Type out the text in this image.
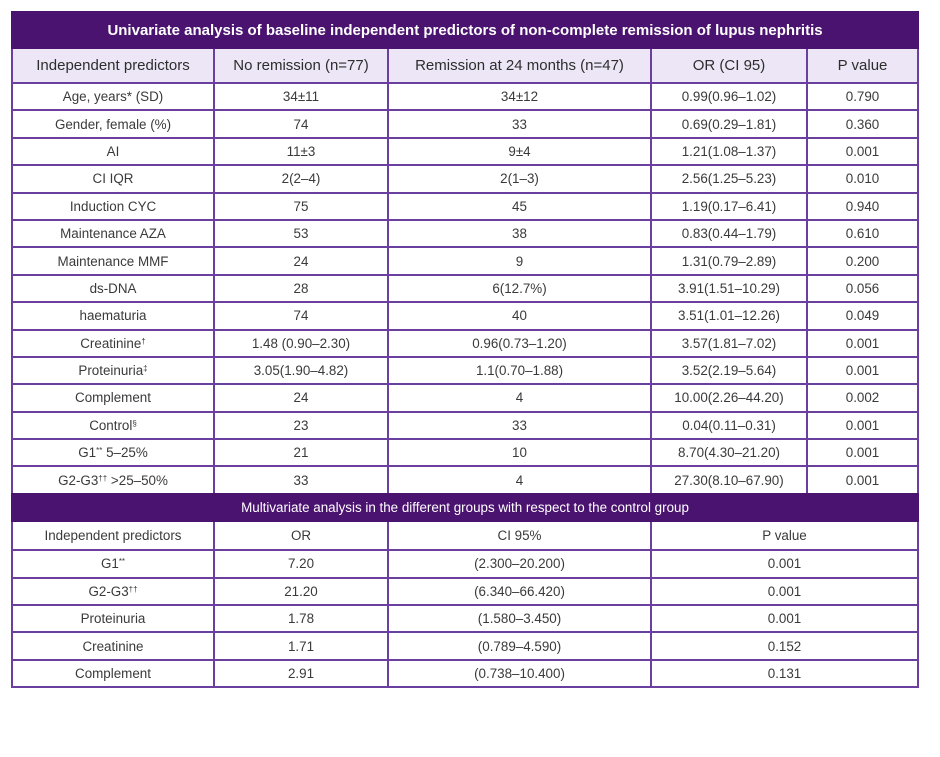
Univariate analysis of baseline independent predictors of non-complete remission of lupus nephritis				
Independent predictors	No remission (n=77)	Remission at 24 months (n=47)	OR (CI 95)	P value
Age, years* (SD)	34±11	34±12	0.99(0.96–1.02)	0.790
Gender, female (%)	74	33	0.69(0.29–1.81)	0.360
AI	11±3	9±4	1.21(1.08–1.37)	0.001
CI IQR	2(2–4)	2(1–3)	2.56(1.25–5.23)	0.010
Induction CYC	75	45	1.19(0.17–6.41)	0.940
Maintenance AZA	53	38	0.83(0.44–1.79)	0.610
Maintenance MMF	24	9	1.31(0.79–2.89)	0.200
ds-DNA	28	6(12.7%)	3.91(1.51–10.29)	0.056
haematuria	74	40	3.51(1.01–12.26)	0.049
Creatinine†	1.48 (0.90–2.30)	0.96(0.73–1.20)	3.57(1.81–7.02)	0.001
Proteinuria‡	3.05(1.90–4.82)	1.1(0.70–1.88)	3.52(2.19–5.64)	0.001
Complement	24	4	10.00(2.26–44.20)	0.002
Control§	23	33	0.04(0.11–0.31)	0.001
G1** 5–25%	21	10	8.70(4.30–21.20)	0.001
G2-G3†† >25–50%	33	4	27.30(8.10–67.90)	0.001
Multivariate analysis in the different groups with respect to the control group			
Independent predictors	OR	CI 95%	P value
G1**	7.20	(2.300–20.200)	0.001
G2-G3††	21.20	(6.340–66.420)	0.001
Proteinuria	1.78	(1.580–3.450)	0.001
Creatinine	1.71	(0.789–4.590)	0.152
Complement	2.91	(0.738–10.400)	0.131
